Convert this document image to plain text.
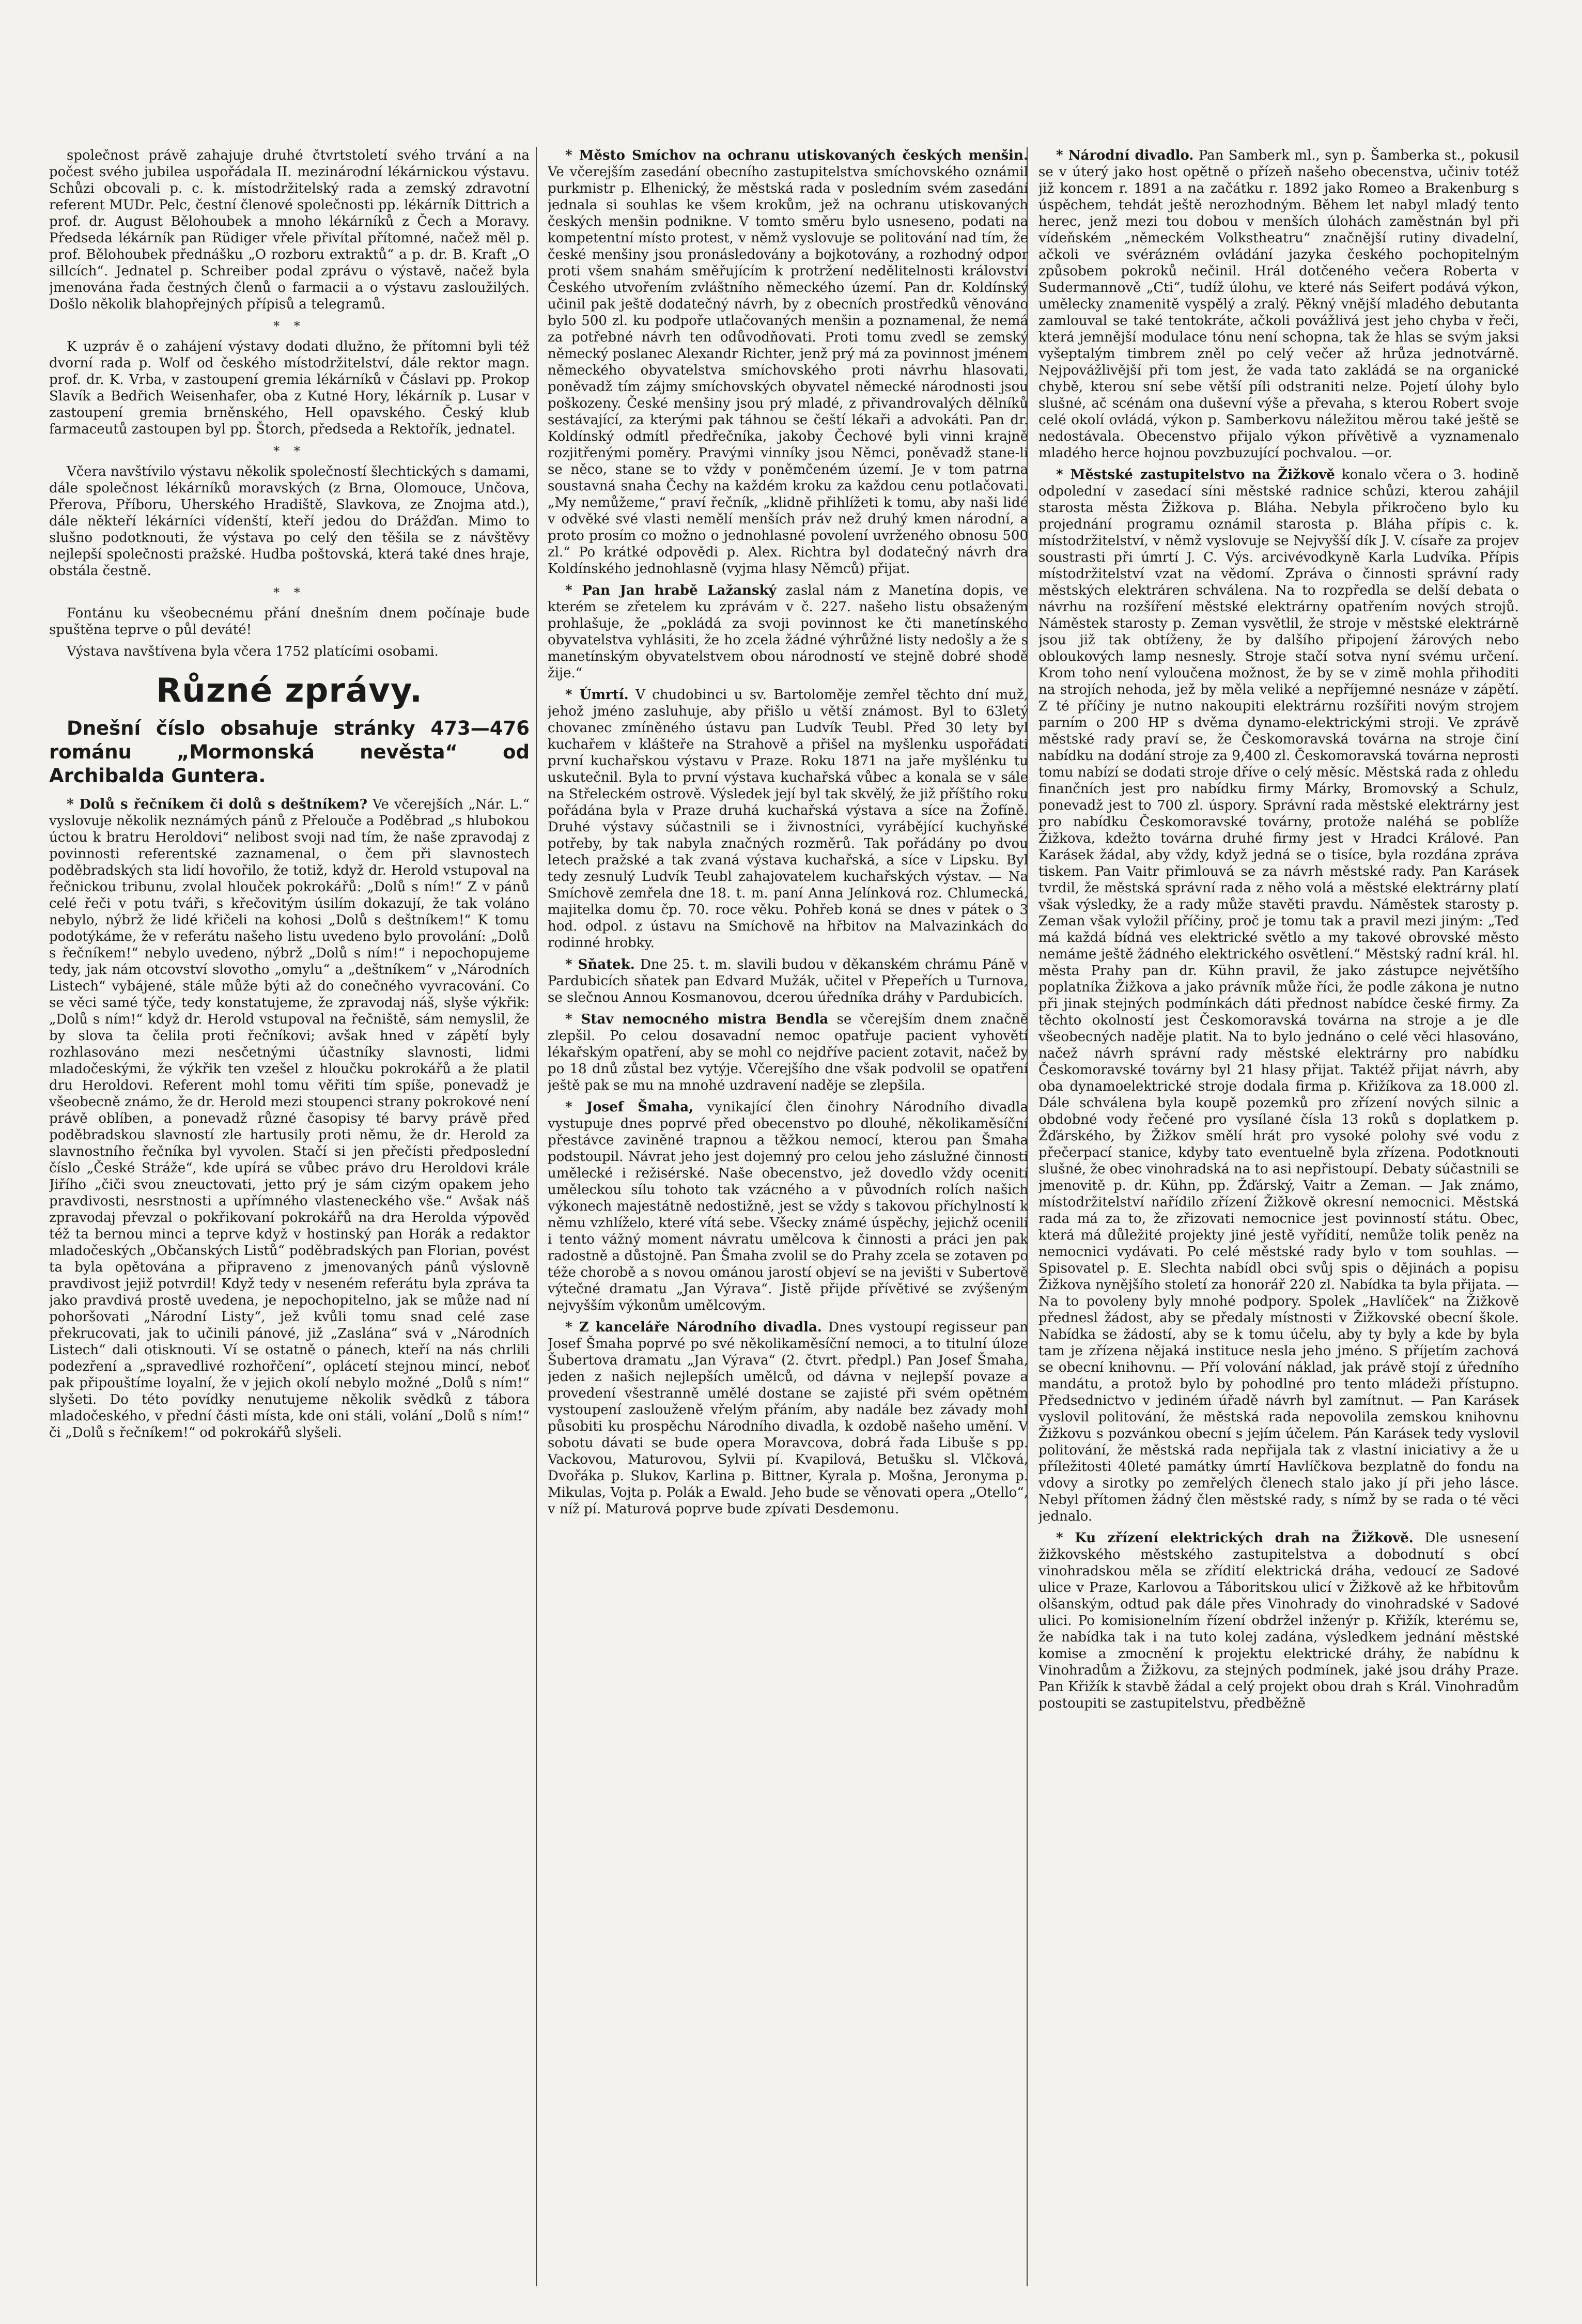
společnost právě zahajuje druhé čtvrtstoletí svého trvání a na počest svého jubilea uspořádala II. mezinárodní lékárnickou výstavu. Schůzi obcovali p. c. k. místodržitelský rada a zemský zdravotní referent MUDr. Pelc, čestní členové společnosti pp. lékárník Dittrich a prof. dr. August Bělohoubek a mnoho lékárníků z Čech a Moravy. Předseda lékárník pan Rüdiger vřele přivítal přítomné, načež měl p. prof. Bělohoubek přednášku „O rozboru extraktů“ a p. dr. B. Kraft „O sillcích“. Jednatel p. Schreiber podal zprávu o výstavě, načež byla jmenována řada čestných členů o farmacii a o výstavu zasloužilých. Došlo několik blahopřejných přípisů a telegramů.

* *

K uzpráv ě o zahájení výstavy dodati dlužno, že přítomni byli též dvorní rada p. Wolf od českého místodržitelství, dále rektor magn. prof. dr. K. Vrba, v zastoupení gremia lékárníků v Čáslavi pp. Prokop Slavík a Bedřich Weisenhafer, oba z Kutné Hory, lékárník p. Lusar v zastoupení gremia brněnského, Hell opavského. Český klub farmaceutů zastoupen byl pp. Štorch, předseda a Rektořík, jednatel.

* *

Včera navštívilo výstavu několik společností šlechtických s damami, dále společnost lékárníků moravských (z Brna, Olomouce, Unčova, Přerova, Příboru, Uherského Hradiště, Slavkova, ze Znojma atd.), dále někteří lékárníci vídenští, kteří jedou do Drážďan. Mimo to slušno podotknouti, že výstava po celý den těšila se z návštěvy nejlepší společnosti pražské. Hudba poštovská, která také dnes hraje, obstála čestně.

* *

Fontánu ku všeobecnému přání dnešním dnem počínaje bude spuštěna teprve o půl deváté!

Výstava navštívena byla včera 1752 platícími osobami.

Různé zprávy.
Dnešní číslo obsahuje stránky 473—476 románu „Mormonská nevěsta“ od Archibalda Guntera.

* Dolů s řečníkem či dolů s deštníkem? Ve včerejších „Nár. L.“ vyslovuje několik neznámých pánů z Přelouče a Poděbrad „s hlubokou úctou k bratru Heroldovi“ nelibost svoji nad tím, že naše zpravodaj z povinnosti referentské zaznamenal, o čem při slavnostech poděbradských sta lidí hovořilo, že totiž, když dr. Herold vstupoval na řečnickou tribunu, zvolal hlouček pokrokářů: „Dolů s ním!“ Z v pánů celé řeči v potu tváři, s křečovitým úsilím dokazují, že tak voláno nebylo, nýbrž že lidé křičeli na kohosi „Dolů s deštníkem!“ K tomu podotýkáme, že v referátu našeho listu uvedeno bylo provolání: „Dolů s řečníkem!“ nebylo uvedeno, nýbrž „Dolů s ním!“ i nepochopujeme tedy, jak nám otcovství slovotho „omylu“ a „deštníkem“ v „Národních Listech“ vybájené, stále může býti až do conečného vyvracování. Co se věci samé týče, tedy konstatujeme, že zpravodaj náš, slyše výkřik: „Dolů s ním!“ když dr. Herold vstupoval na řečniště, sám nemyslil, že by slova ta čelila proti řečníkovi; avšak hned v zápětí byly rozhlasováno mezi nesčetnými účastníky slavnosti, lidmi mladočeskými, že výkřik ten vzešel z hloučku pokrokářů a že platil dru Heroldovi. Referent mohl tomu věřiti tím spíše, ponevadž je všeobecně známo, že dr. Herold mezi stoupenci strany pokrokové není právě oblíben, a ponevadž různé časopisy té barvy právě před poděbradskou slavností zle hartusily proti němu, že dr. Herold za slavnostního řečníka byl vyvolen. Stačí si jen přečísti předposlední číslo „České Stráže“, kde upírá se vůbec právo dru Heroldovi krále Jiřího „čiči svou zneuctovati, jetto prý je sám cizým opakem jeho pravdivosti, nesrstnosti a upřímného vlasteneckého vše.“ Avšak náš zpravodaj převzal o pokřikovaní pokrokářů na dra Herolda výpověď též ta bernou minci a teprve když v hostinský pan Horák a redaktor mladočeských „Občanských Listů“ poděbradských pan Florian, povést ta byla opětována a připraveno z jmenovaných pánů výslovně pravdivost jejiž potvrdil! Když tedy v neseném referátu byla zpráva ta jako pravdivá prostě uvedena, je nepochopitelno, jak se může nad ní pohoršovati „Národní Listy“, jež kvůli tomu snad celé zase překrucovati, jak to učinili pánové, již „Zaslána“ svá v „Národních Listech“ dali otisknouti. Ví se ostatně o pánech, kteří na nás chrlili podezření a „spravedlivé rozhořčení“, oplácetí stejnou mincí, neboť pak připouštíme loyalní, že v jejich okolí nebylo možné „Dolů s ním!“ slyšeti. Do této povídky nenutujeme několik svědků z tábora mladočeského, v přední části místa, kde oni stáli, volání „Dolů s ním!“ či „Dolů s řečníkem!“ od pokrokářů slyšeli.

* Město Smíchov na ochranu utiskovaných českých menšin. Ve včerejším zasedání obecního zastupitelstva smíchovského oznámil purkmistr p. Elhenický, že městská rada v posledním svém zasedání jednala si souhlas ke všem krokům, jež na ochranu utiskovaných českých menšin podnikne. V tomto směru bylo usneseno, podati na kompetentní místo protest, v němž vyslovuje se politování nad tím, že české menšiny jsou pronásledovány a bojkotovány, a rozhodný odpor proti všem snahám směřujícím k protržení nedělitelnosti království Českého utvořením zvláštního německého území. Pan dr. Koldínský učinil pak ještě dodatečný návrh, by z obecních prostředků věnováno bylo 500 zl. ku podpoře utlačovaných menšin a poznamenal, že nemá za potřebné návrh ten odůvodňovati. Proti tomu zvedl se zemský německý poslanec Alexandr Richter, jenž prý má za povinnost jménem německého obyvatelstva smíchovského proti návrhu hlasovati, poněvadž tím zájmy smíchovských obyvatel německé národnosti jsou poškozeny. České menšiny jsou prý mladé, z přivandrovalých dělníků sestávající, za kterými pak táhnou se čeští lékaři a advokáti. Pan dr. Koldínský odmítl předřečníka, jakoby Čechové byli vinni krajně rozjitřenými poměry. Pravými vinníky jsou Němci, poněvadž stane-li se něco, stane se to vždy v poněmčeném území. Je v tom patrna soustavná snaha Čechy na každém kroku za každou cenu potlačovati. „My nemůžeme,“ praví řečník, „klidně přihlížeti k tomu, aby naši lidé v odvěké své vlasti nemělí menších práv než druhý kmen národní, a proto prosím co možno o jednohlasné povolení uvrženého obnosu 500 zl.“ Po krátké odpovědi p. Alex. Richtra byl dodatečný návrh dra Koldínského jednohlasně (vyjma hlasy Němců) přijat.

* Pan Jan hrabě Lažanský zaslal nám z Manetína dopis, ve kterém se zřetelem ku zprávám v č. 227. našeho listu obsaženým prohlašuje, že „pokládá za svoji povinnost ke čti manetínského obyvatelstva vyhlásiti, že ho zcela žádné výhrůžné listy nedošly a že s manetínským obyvatelstvem obou národností ve stejně dobré shodě žije.“

* Úmrtí. V chudobinci u sv. Bartoloměje zemřel těchto dní muž, jehož jméno zasluhuje, aby přišlo u větší známost. Byl to 63letý chovanec zmíněného ústavu pan Ludvík Teubl. Před 30 lety byl kuchařem v klášteře na Strahově a přišel na myšlenku uspořádati první kuchařskou výstavu v Praze. Roku 1871 na jaře myšlénku tu uskutečnil. Byla to první výstava kuchařská vůbec a konala se v sále na Střeleckém ostrově. Výsledek její byl tak skvělý, že již příštího roku pořádána byla v Praze druhá kuchařská výstava a síce na Žofíně. Druhé výstavy súčastnili se i živnostníci, vyrábějící kuchyňské potřeby, by tak nabyla značných rozměrů. Tak pořádány po dvou letech pražské a tak zvaná výstava kuchařská, a síce v Lipsku. Byl tedy zesnulý Ludvík Teubl zahajovatelem kuchařských výstav. — Na Smíchově zemřela dne 18. t. m. paní Anna Jelínková roz. Chlumecká, majitelka domu čp. 70. roce věku. Pohřeb koná se dnes v pátek o 3 hod. odpol. z ústavu na Smíchově na hřbitov na Malvazinkách do rodinné hrobky.

* Sňatek. Dne 25. t. m. slavili budou v děkanském chrámu Páně v Pardubicích sňatek pan Edvard Mužák, učitel v Přepeřích u Turnova, se slečnou Annou Kosmanovou, dcerou úředníka dráhy v Pardubicích.

* Stav nemocného mistra Bendla se včerejším dnem značně zlepšil. Po celou dosavadní nemoc opatřuje pacient vyhovětí lékařským opatření, aby se mohl co nejdříve pacient zotavit, načež by po 18 dnů zůstal bez vytýje. Včerejšího dne však podvolil se opatření ještě pak se mu na mnohé uzdravení naděje se zlepšila.

* Josef Šmaha, vynikající člen činohry Národního divadla vystupuje dnes poprvé před obecenstvo po dlouhé, několikaměsíční přestávce zaviněné trapnou a těžkou nemocí, kterou pan Šmaha podstoupil. Návrat jeho jest dojemný pro celou jeho záslužné činnosti umělecké i režisérské. Naše obecenstvo, jež dovedlo vždy ocenití uměleckou sílu tohoto tak vzácného a v původních rolích našich výkonech majestátně nedostižně, jest se vždy s takovou příchylností k němu vzhlíželo, které vítá sebe. Všecky známé úspěchy, jejichž ocenili i tento vážný moment návratu umělcova k činnosti a práci jen pak radostně a důstojně. Pan Šmaha zvolil se do Prahy zcela se zotaven po téže chorobě a s novou ománou jarostí objeví se na jevišti v Subertově výtečné dramatu „Jan Výrava“. Jistě přijde přívětivé se zvýšeným nejvyšším výkonům umělcovým.

* Z kanceláře Národního divadla. Dnes vystoupí regisseur pan Josef Šmaha poprvé po své několikaměsíční nemoci, a to titulní úloze Šubertova dramatu „Jan Výrava“ (2. čtvrt. předpl.) Pan Josef Šmaha, jeden z našich nejlepších umělců, od dávna v nejlepší povaze a provedení všestranně umělé dostane se zajisté při svém opětném vystoupení zaslouženě vřelým přáním, aby nadále bez závady mohl působiti ku prospěchu Národního divadla, k ozdobě našeho umění. V sobotu dávati se bude opera Moravcova, dobrá řada Libuše s pp. Vackovou, Maturovou, Sylvii pí. Kvapilová, Betušku sl. Vlčková, Dvořáka p. Slukov, Karlina p. Bittner, Kyrala p. Mošna, Jeronyma p. Mikulas, Vojta p. Polák a Ewald. Jeho bude se věnovati opera „Otello“, v níž pí. Maturová poprve bude zpívati Desdemonu.

* Národní divadlo. Pan Samberk ml., syn p. Šamberka st., pokusil se v úterý jako host opětně o přízeň našeho obecenstva, učiniv totéž již koncem r. 1891 a na začátku r. 1892 jako Romeo a Brakenburg s úspěchem, tehdát ještě nerozhodným. Během let nabyl mladý tento herec, jenž mezi tou dobou v menších úlohách zaměstnán byl při vídeňském „německém Volkstheatru“ značnější rutiny divadelní, ačkoli ve svérázném ovládání jazyka českého pochopitelným způsobem pokroků nečinil. Hrál dotčeného večera Roberta v Sudermannově „Cti“, tudíž úlohu, ve které nás Seifert podává výkon, umělecky znamenitě vyspělý a zralý. Pěkný vnější mladého debutanta zamlouval se také tentokráte, ačkoli povážlivá jest jeho chyba v řeči, která jemnější modulace tónu není schopna, tak že hlas se svým jaksi vyšeptalým timbrem zněl po celý večer až hrůza jednotvárně. Nejpovážlivější při tom jest, že vada tato zakládá se na organické chybě, kterou sní sebe větší píli odstraniti nelze. Pojetí úlohy bylo slušné, ač scénám ona duševní výše a převaha, s kterou Robert svoje celé okolí ovládá, výkon p. Samberkovu náležitou měrou také ještě se nedostávala. Obecenstvo přijalo výkon přívětivě a vyznamenalo mladého herce hojnou povzbuzující pochvalou. —or.

* Městské zastupitelstvo na Žižkově konalo včera o 3. hodině odpolední v zasedací síni městské radnice schůzi, kterou zahájil starosta města Žižkova p. Bláha. Nebyla přikročeno bylo ku projednání programu oznámil starosta p. Bláha přípis c. k. místodržitelství, v němž vyslovuje se Nejvyšší dík J. V. císaře za projev soustrasti při úmrtí J. C. Výs. arcivévodkyně Karla Ludvíka. Přípis místodržitelství vzat na vědomí. Zpráva o činnosti správní rady městských elektráren schválena. Na to rozpředla se delší debata o návrhu na rozšíření městské elektrárny opatřením nových strojů. Náměstek starosty p. Zeman vysvětlil, že stroje v městské elektrárně jsou již tak obtíženy, že by dalšího připojení žárových nebo obloukových lamp nesnesly. Stroje stačí sotva nyní svému určení. Krom toho není vyloučena možnost, že by se v zimě mohla přihoditi na strojích nehoda, jež by měla veliké a nepříjemné nesnáze v zápětí. Z té příčiny je nutno nakoupiti elektrárnu rozšířiti novým strojem parním o 200 HP s dvěma dynamo-elektrickými stroji. Ve zprávě městské rady praví se, že Českomoravská továrna na stroje činí nabídku na dodání stroje za 9,400 zl. Českomoravská továrna neprosti tomu nabízí se dodati stroje dříve o celý měsíc. Městská rada z ohledu finančních jest pro nabídku firmy Márky, Bromovský a Schulz, ponevadž jest to 700 zl. úspory. Správní rada městské elektrárny jest pro nabídku Českomoravské továrny, protože naléhá se poblíže Žižkova, kdežto továrna druhé firmy jest v Hradci Králové. Pan Karásek žádal, aby vždy, když jedná se o tisíce, byla rozdána zpráva tiskem. Pan Vaitr přimlouvá se za návrh městské rady. Pan Karásek tvrdil, že městská správní rada z něho volá a městské elektrárny platí však výsledky, že a rady může stavěti pravdu. Náměstek starosty p. Zeman však vyložil příčiny, proč je tomu tak a pravil mezi jiným: „Teď má každá bídná ves elektrické světlo a my takové obrovské město nemáme ještě žádného elektrického osvětlení.“ Městský radní král. hl. města Prahy pan dr. Kühn pravil, že jako zástupce největšího poplatníka Žižkova a jako právník může říci, že podle zákona je nutno při jinak stejných podmínkách dáti přednost nabídce české firmy. Za těchto okolností jest Českomoravská továrna na stroje a je dle všeobecných naděje platit. Na to bylo jednáno o celé věci hlasováno, načež návrh správní rady městské elektrárny pro nabídku Českomoravské továrny byl 21 hlasy přijat. Taktéž přijat návrh, aby oba dynamoelektrické stroje dodala firma p. Křižíkova za 18.000 zl. Dále schválena byla koupě pozemků pro zřízení nových silnic a obdobné vody řečené pro vysílané čísla 13 roků s doplatkem p. Žďárského, by Žižkov smělí hrát pro vysoké polohy své vodu z přečerpací stanice, kdyby tato eventuelně byla zřízena. Podotknouti slušné, že obec vinohradská na to asi nepřistoupí. Debaty súčastnili se jmenovitě p. dr. Kühn, pp. Žďárský, Vaitr a Zeman. — Jak známo, místodržitelství nařídilo zřízení Žižkově okresní nemocnici. Městská rada má za to, že zřizovati nemocnice jest povinností státu. Obec, která má důležité projekty jiné jestě vyřídití, nemůže tolik peněz na nemocnici vydávati. Po celé městské rady bylo v tom souhlas. — Spisovatel p. E. Slechta nabídl obci svůj spis o dějinách a popisu Žižkova nynějšího století za honorář 220 zl. Nabídka ta byla přijata. — Na to povoleny byly mnohé podpory. Spolek „Havlíček“ na Žižkově přednesl žádost, aby se předaly místnosti v Žižkovské obecní škole. Nabídka se žádostí, aby se k tomu účelu, aby ty byly a kde by byla tam je zřízena nějaká instituce nesla jeho jméno. S příjetím zachová se obecní knihovnu. — Pří volování náklad, jak právě stojí z úředního mandátu, a protož bylo by pohodlné pro tento mládeži přístupno. Předsednictvo v jediném úřadě návrh byl zamítnut. — Pan Karásek vyslovil politování, že městská rada nepovolila zemskou knihovnu Žižkovu s pozvánkou obecní s jejím účelem. Pán Karásek tedy vyslovil politování, že městská rada nepřijala tak z vlastní iniciativy a že u příležitosti 40leté památky úmrtí Havlíčkova bezplatně do fondu na vdovy a sirotky po zemřelých členech stalo jako jí při jeho lásce. Nebyl přítomen žádný člen městské rady, s nímž by se rada o té věci jednalo.

* Ku zřízení elektrických drah na Žižkově. Dle usnesení žižkovského městského zastupitelstva a dobodnutí s obcí vinohradskou měla se zřídití elektrická dráha, vedoucí ze Sadové ulice v Praze, Karlovou a Táboritskou ulicí v Žižkově až ke hřbitovům olšanským, odtud pak dále přes Vinohrady do vinohradské v Sadové ulici. Po komisionelním řízení obdržel inženýr p. Křižík, kterému se, že nabídka tak i na tuto kolej zadána, výsledkem jednání městské komise a zmocnění k projektu elektrické dráhy, že nabídnu k Vinohradům a Žižkovu, za stejných podmínek, jaké jsou dráhy Praze. Pan Křižík k stavbě žádal a celý projekt obou drah s Král. Vinohradům postoupiti se zastupitelstvu, předběžně
